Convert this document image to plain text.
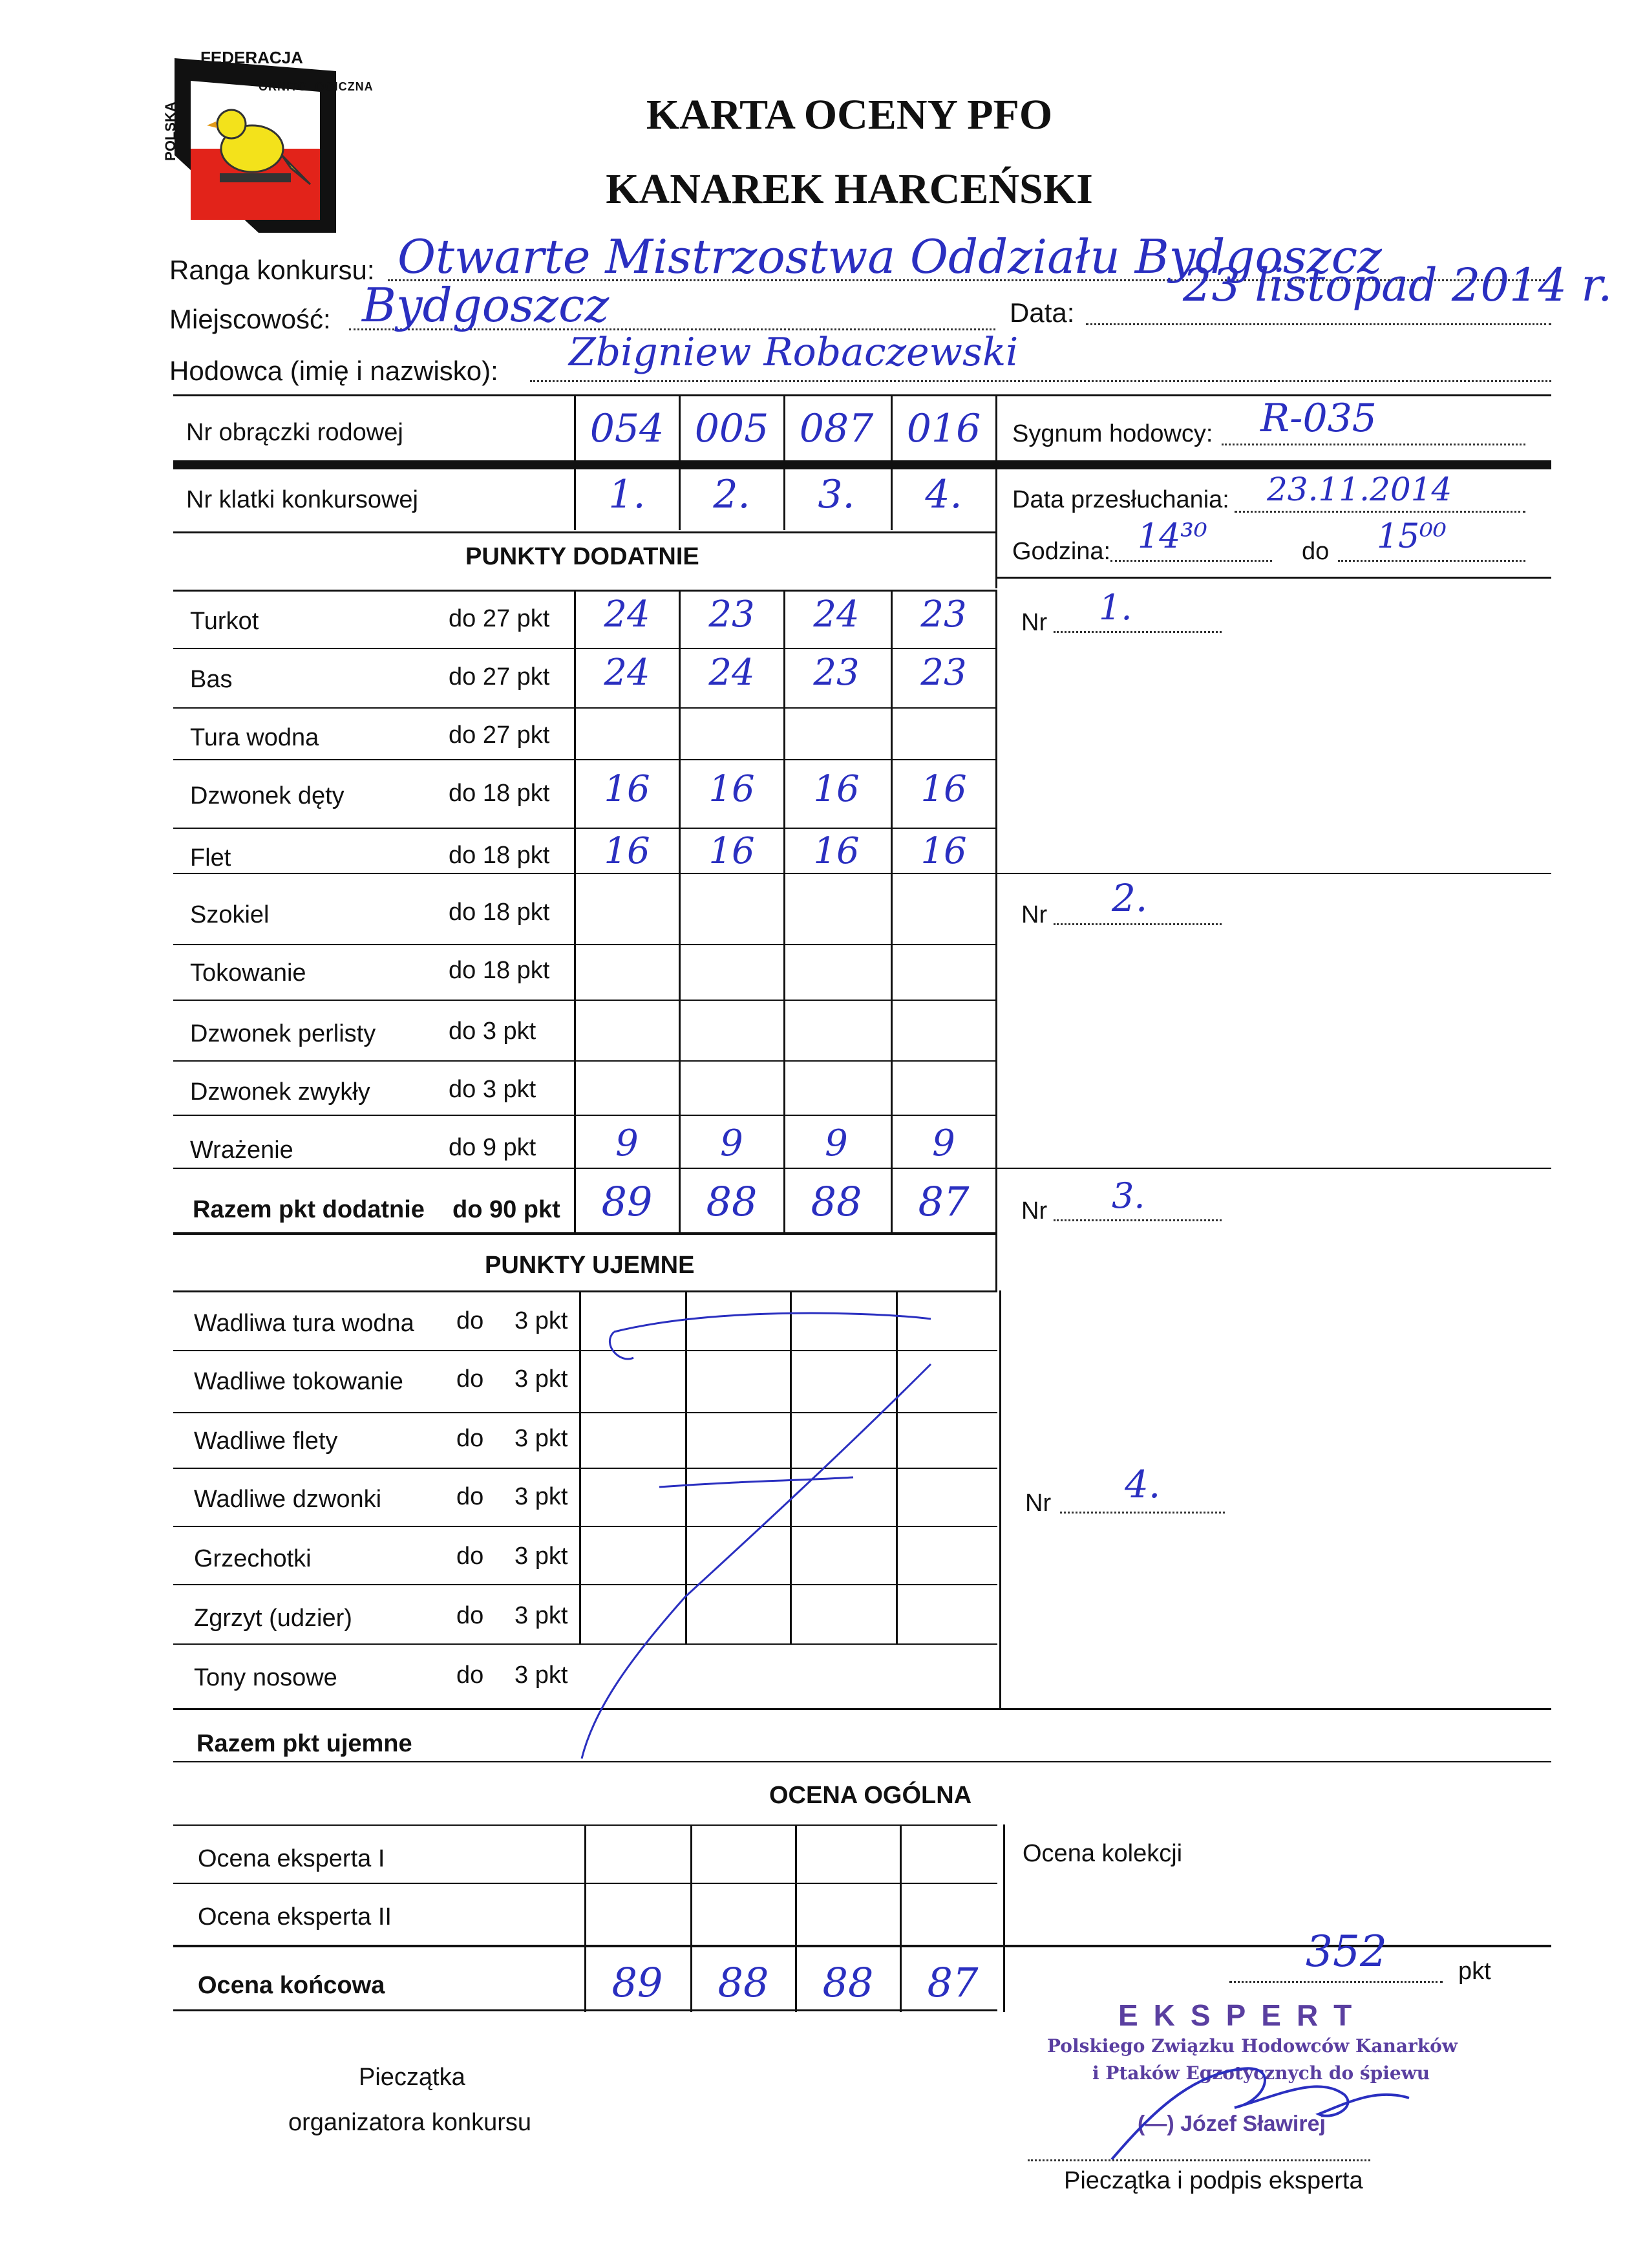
FEDERACJA
ORNITOLOGICZNA
POLSKA	KARTA OCENY PFO
KANAREK HARCEŃSKI
Ranga konkursu: Otwarte Mistrzostwa Oddziału Bydgoszcz
Miejscowość: Bydgoszcz	Data:
23 listopad 2014 r.
Hodowca (imię i nazwisko): Zbigniew Robaczewski
Nr obrączki rodowej	054 005 087 016	Sygnum hodowcy: R-035
Nr klatki konkursowej	1.	2.	3.	4.	Data przesłuchania: 23.11.2014
PUNKTY DODATNIE	Godzina: 14³⁰	do 15⁰⁰
Turkot	do 27 pkt	24	23	24	23
Bas	do 27 pkt	24	24	23	23
Tura wodna	do 27 pkt
Dzwonek dęty	do 18 pkt	16	16	16	16
Flet	do 18 pkt	16	16	16	16
Szokiel	do 18 pkt
Tokowanie	do 18 pkt
Dzwonek perlisty	do 3 pkt
Dzwonek zwykły	do 3 pkt
Wrażenie	do 9 pkt	9	9	9	9
Razem pkt dodatnie do 90 pkt	89	88	88	87
PUNKTY UJEMNE
Wadliwa tura wodna do 3 pkt
Wadliwe tokowanie do 3 pkt
Wadliwe flety	do 3 pkt
Wadliwe dzwonki	do 3 pkt
Grzechotki	do 3 pkt
Zgrzyt (udzier)	do 3 pkt
Tony nosowe	do 3 pkt
Razem pkt ujemne
Nr 1.
Nr 2.
Nr 3.
Nr 4.
OCENA OGÓLNA
Ocena eksperta I
Ocena eksperta II
Ocena końcowa	89	88	88	87
Ocena kolekcji
352	pkt
EKSPERT
Polskiego Związku Hodowców Kanarków
i Ptaków Egzotycznych do śpiewu
(—) Józef Sławirej
Pieczątka i podpis eksperta
Pieczątka
organizatora konkursu
